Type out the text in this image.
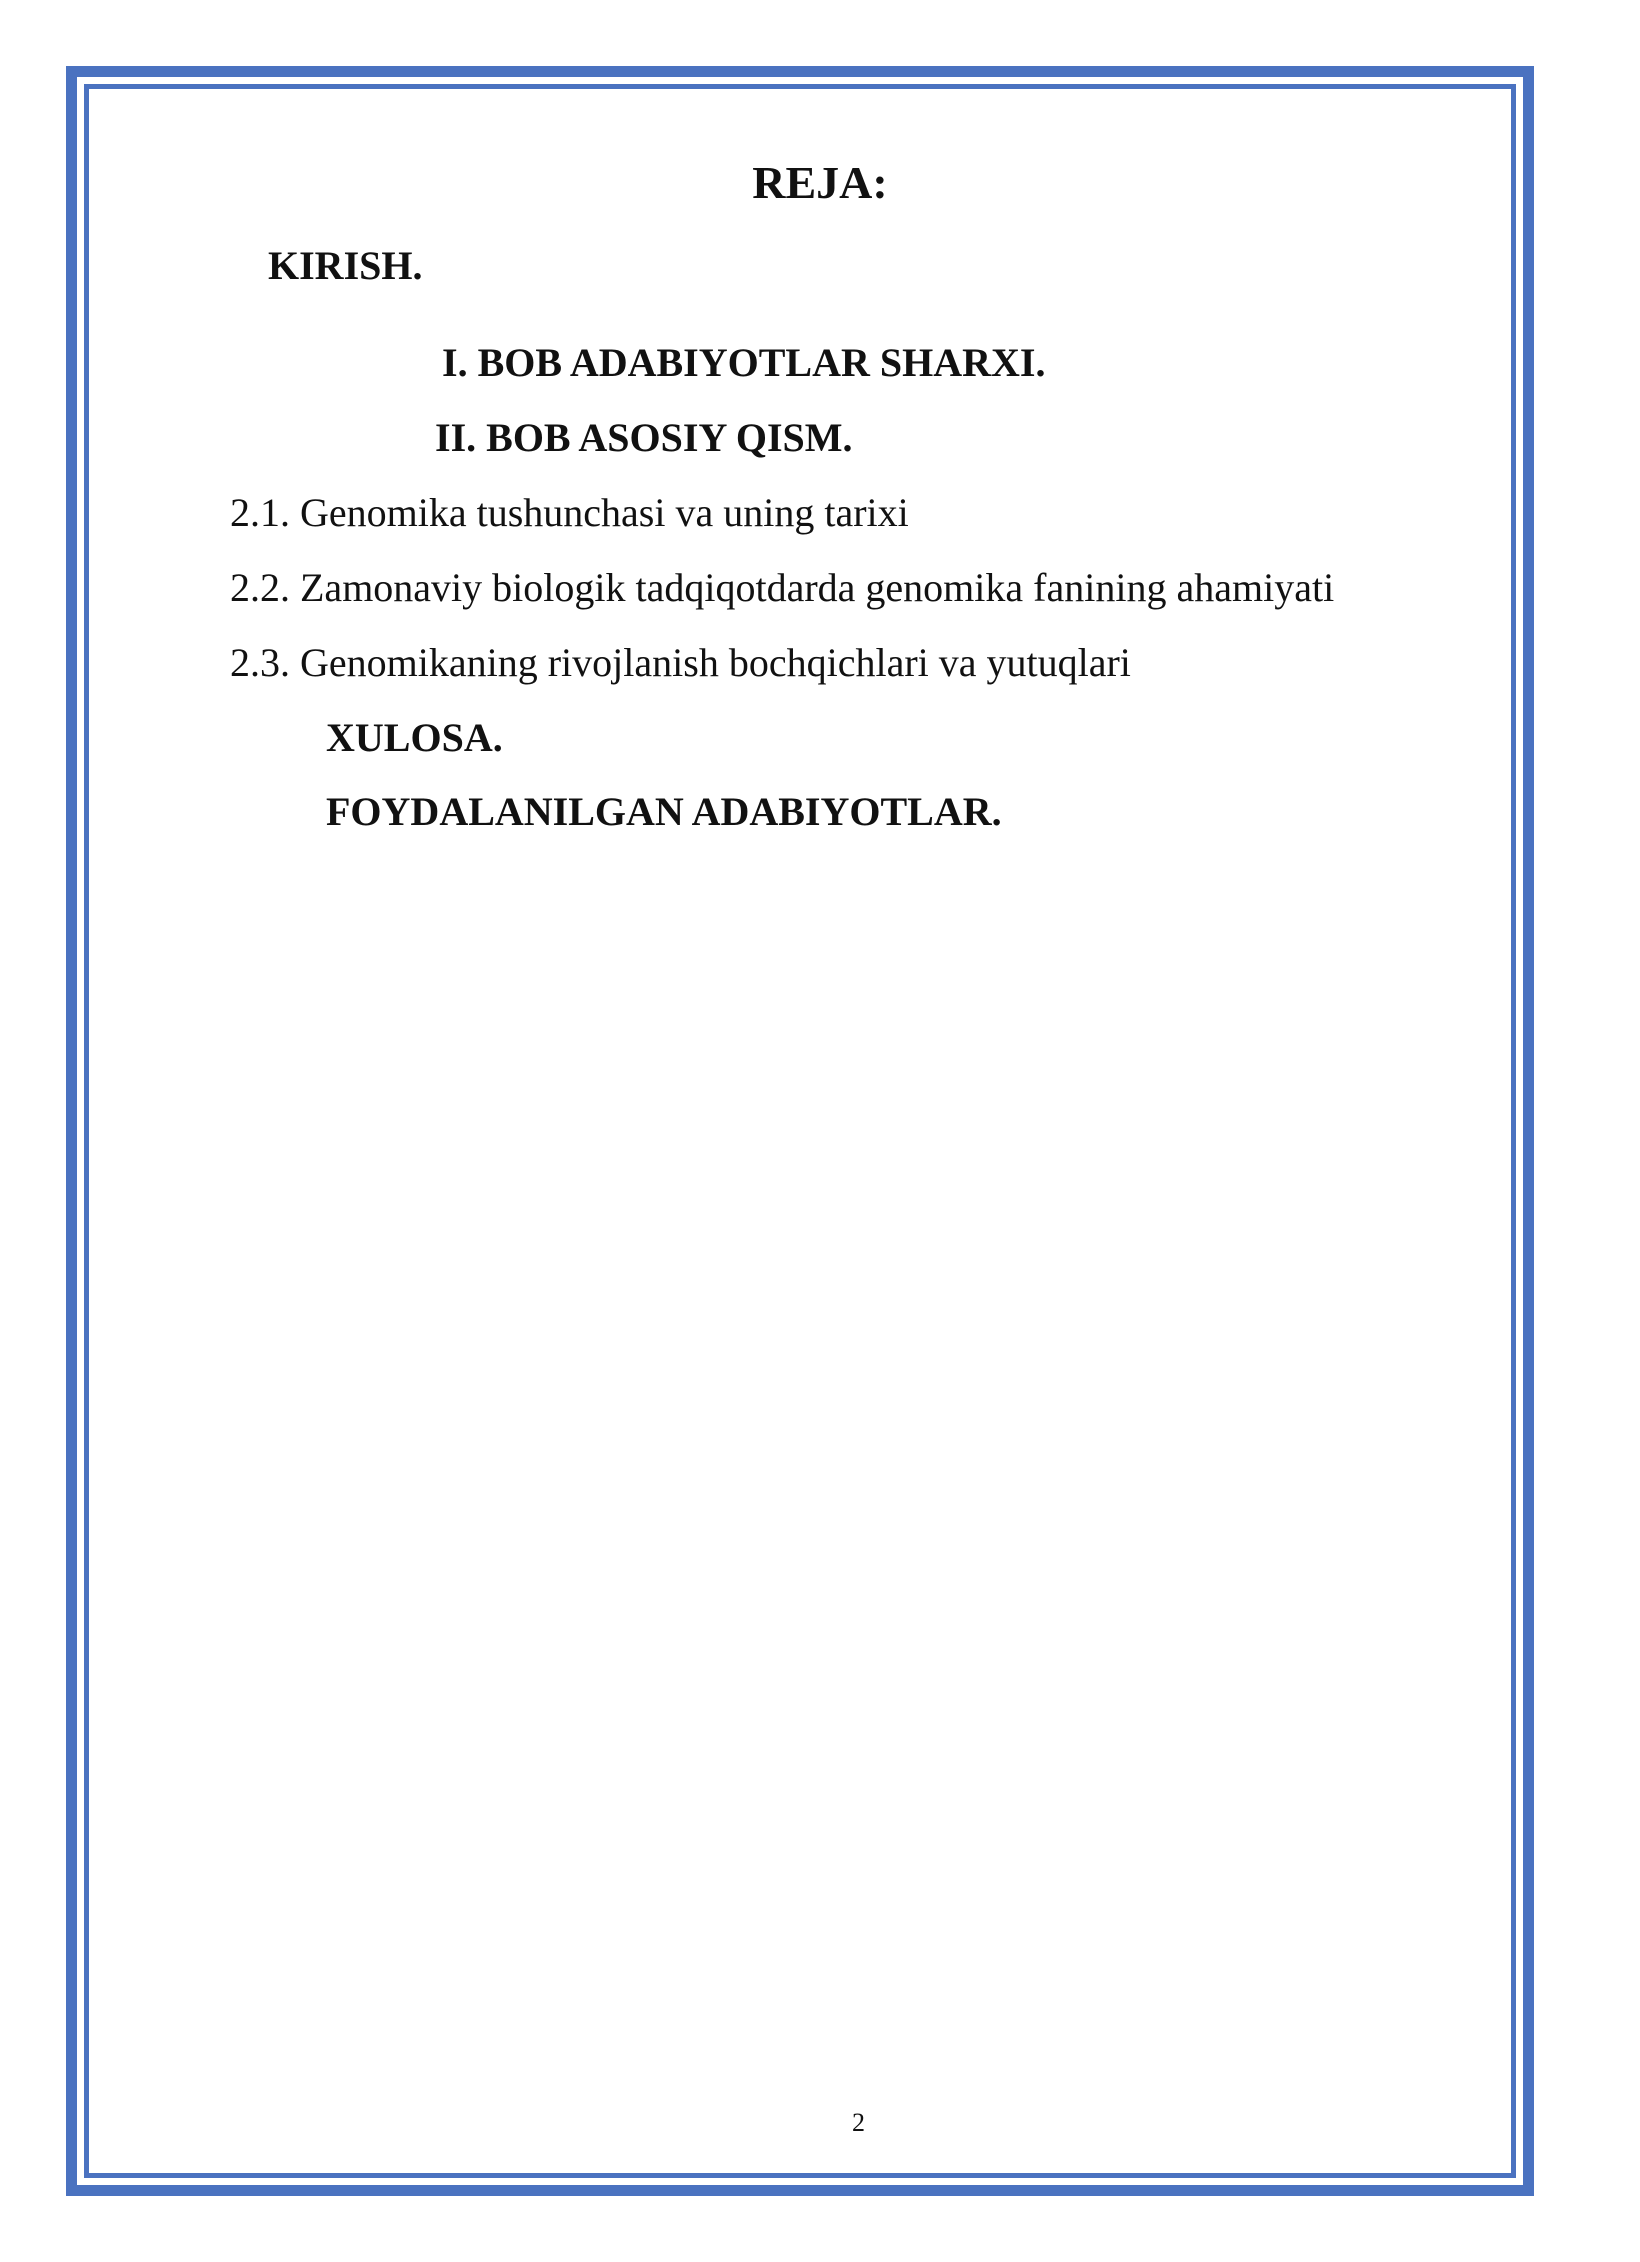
REJA:
KIRISH.
I. BOB ADABIYOTLAR SHARXI.
II. BOB ASOSIY QISM.
2.1. Genomika tushunchasi va uning tarixi
2.2. Zamonaviy biologik tadqiqotdarda genomika fanining ahamiyati
2.3. Genomikaning rivojlanish bochqichlari va yutuqlari
XULOSA.
FOYDALANILGAN ADABIYOTLAR.
2
